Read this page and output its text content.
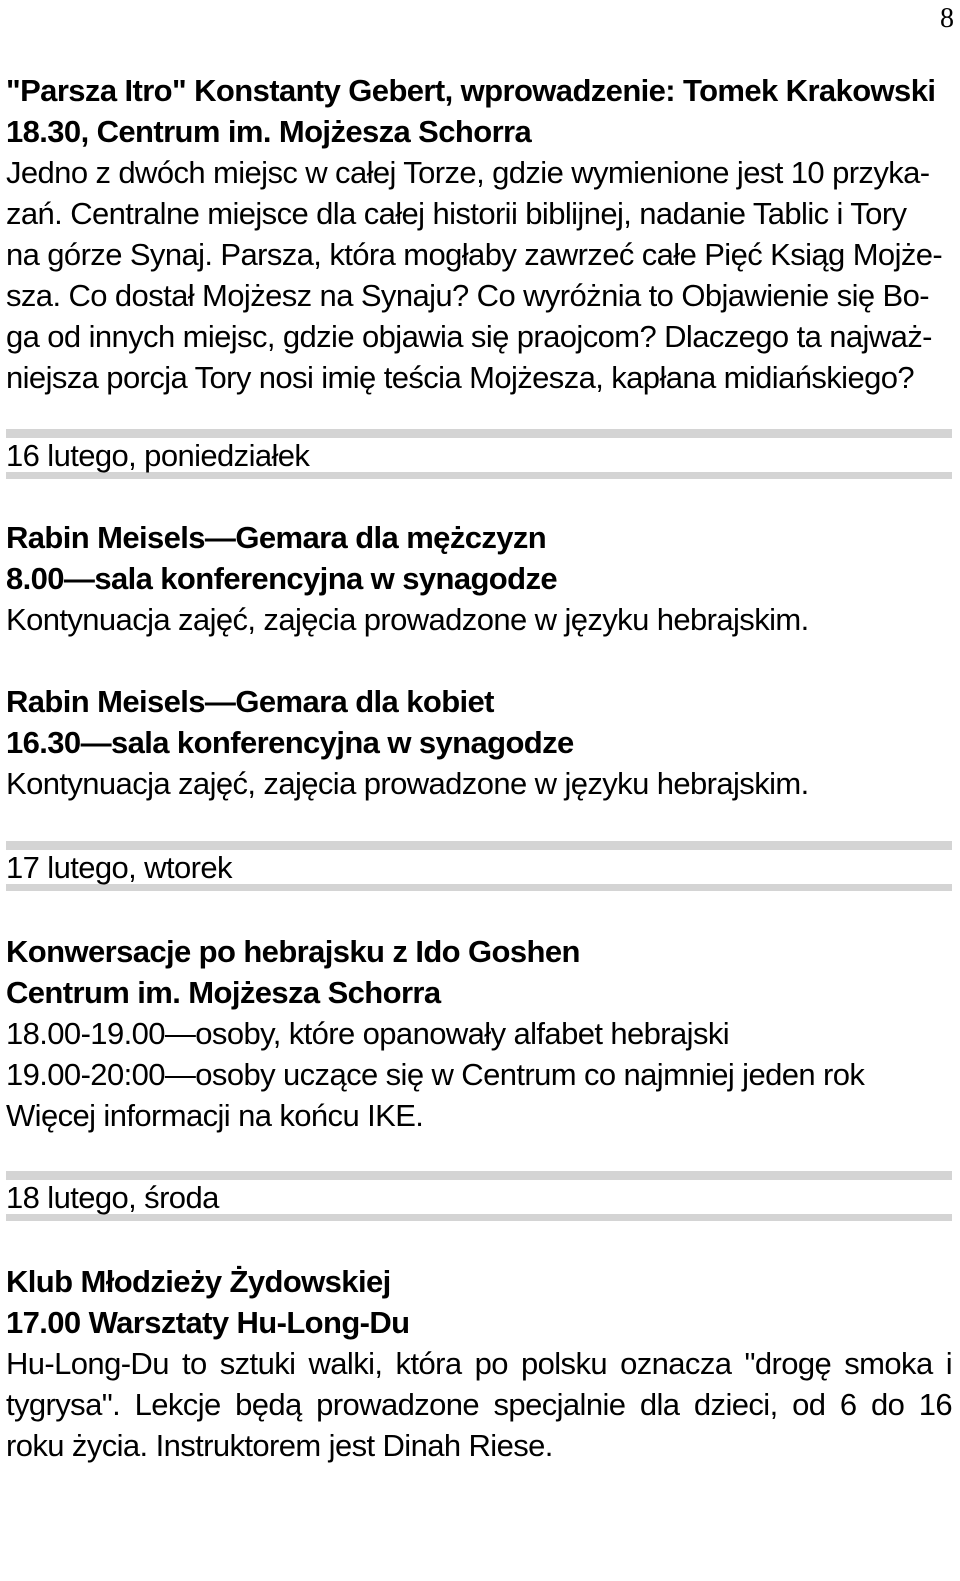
8

"Parsza Itro" Konstanty Gebert, wprowadzenie: Tomek Krakowski

18.30, Centrum im. Mojżesza Schorra

Jedno z dwóch miejsc w całej Torze, gdzie wymienione jest 10 przyka-

zań. Centralne miejsce dla całej historii biblijnej, nadanie Tablic i Tory

na górze Synaj. Parsza, która mogłaby zawrzeć całe Pięć Ksiąg Mojże-

sza. Co dostał Mojżesz na Synaju? Co wyróżnia to Objawienie się Bo-

ga od innych miejsc, gdzie objawia się praojcom? Dlaczego ta najważ-

niejsza porcja Tory nosi imię teścia Mojżesza, kapłana midiańskiego?

16 lutego, poniedziałek

Rabin Meisels—Gemara dla mężczyzn

8.00—sala konferencyjna w synagodze

Kontynuacja zajęć, zajęcia prowadzone w języku hebrajskim.

Rabin Meisels—Gemara dla kobiet

16.30—sala konferencyjna w synagodze

Kontynuacja zajęć, zajęcia prowadzone w języku hebrajskim.

17 lutego, wtorek

Konwersacje po hebrajsku z Ido Goshen

Centrum im. Mojżesza Schorra

18.00-19.00—osoby, które opanowały alfabet hebrajski

19.00-20:00—osoby uczące się w Centrum co najmniej jeden rok

Więcej informacji na końcu IKE.

18 lutego, środa

Klub Młodzieży Żydowskiej

17.00 Warsztaty Hu-Long-Du

Hu-Long-Du to sztuki walki, która po polsku oznacza "drogę smoka i tygrysa". Lekcje będą prowadzone specjalnie dla dzieci, od 6 do 16 roku życia. Instruktorem jest Dinah Riese.
